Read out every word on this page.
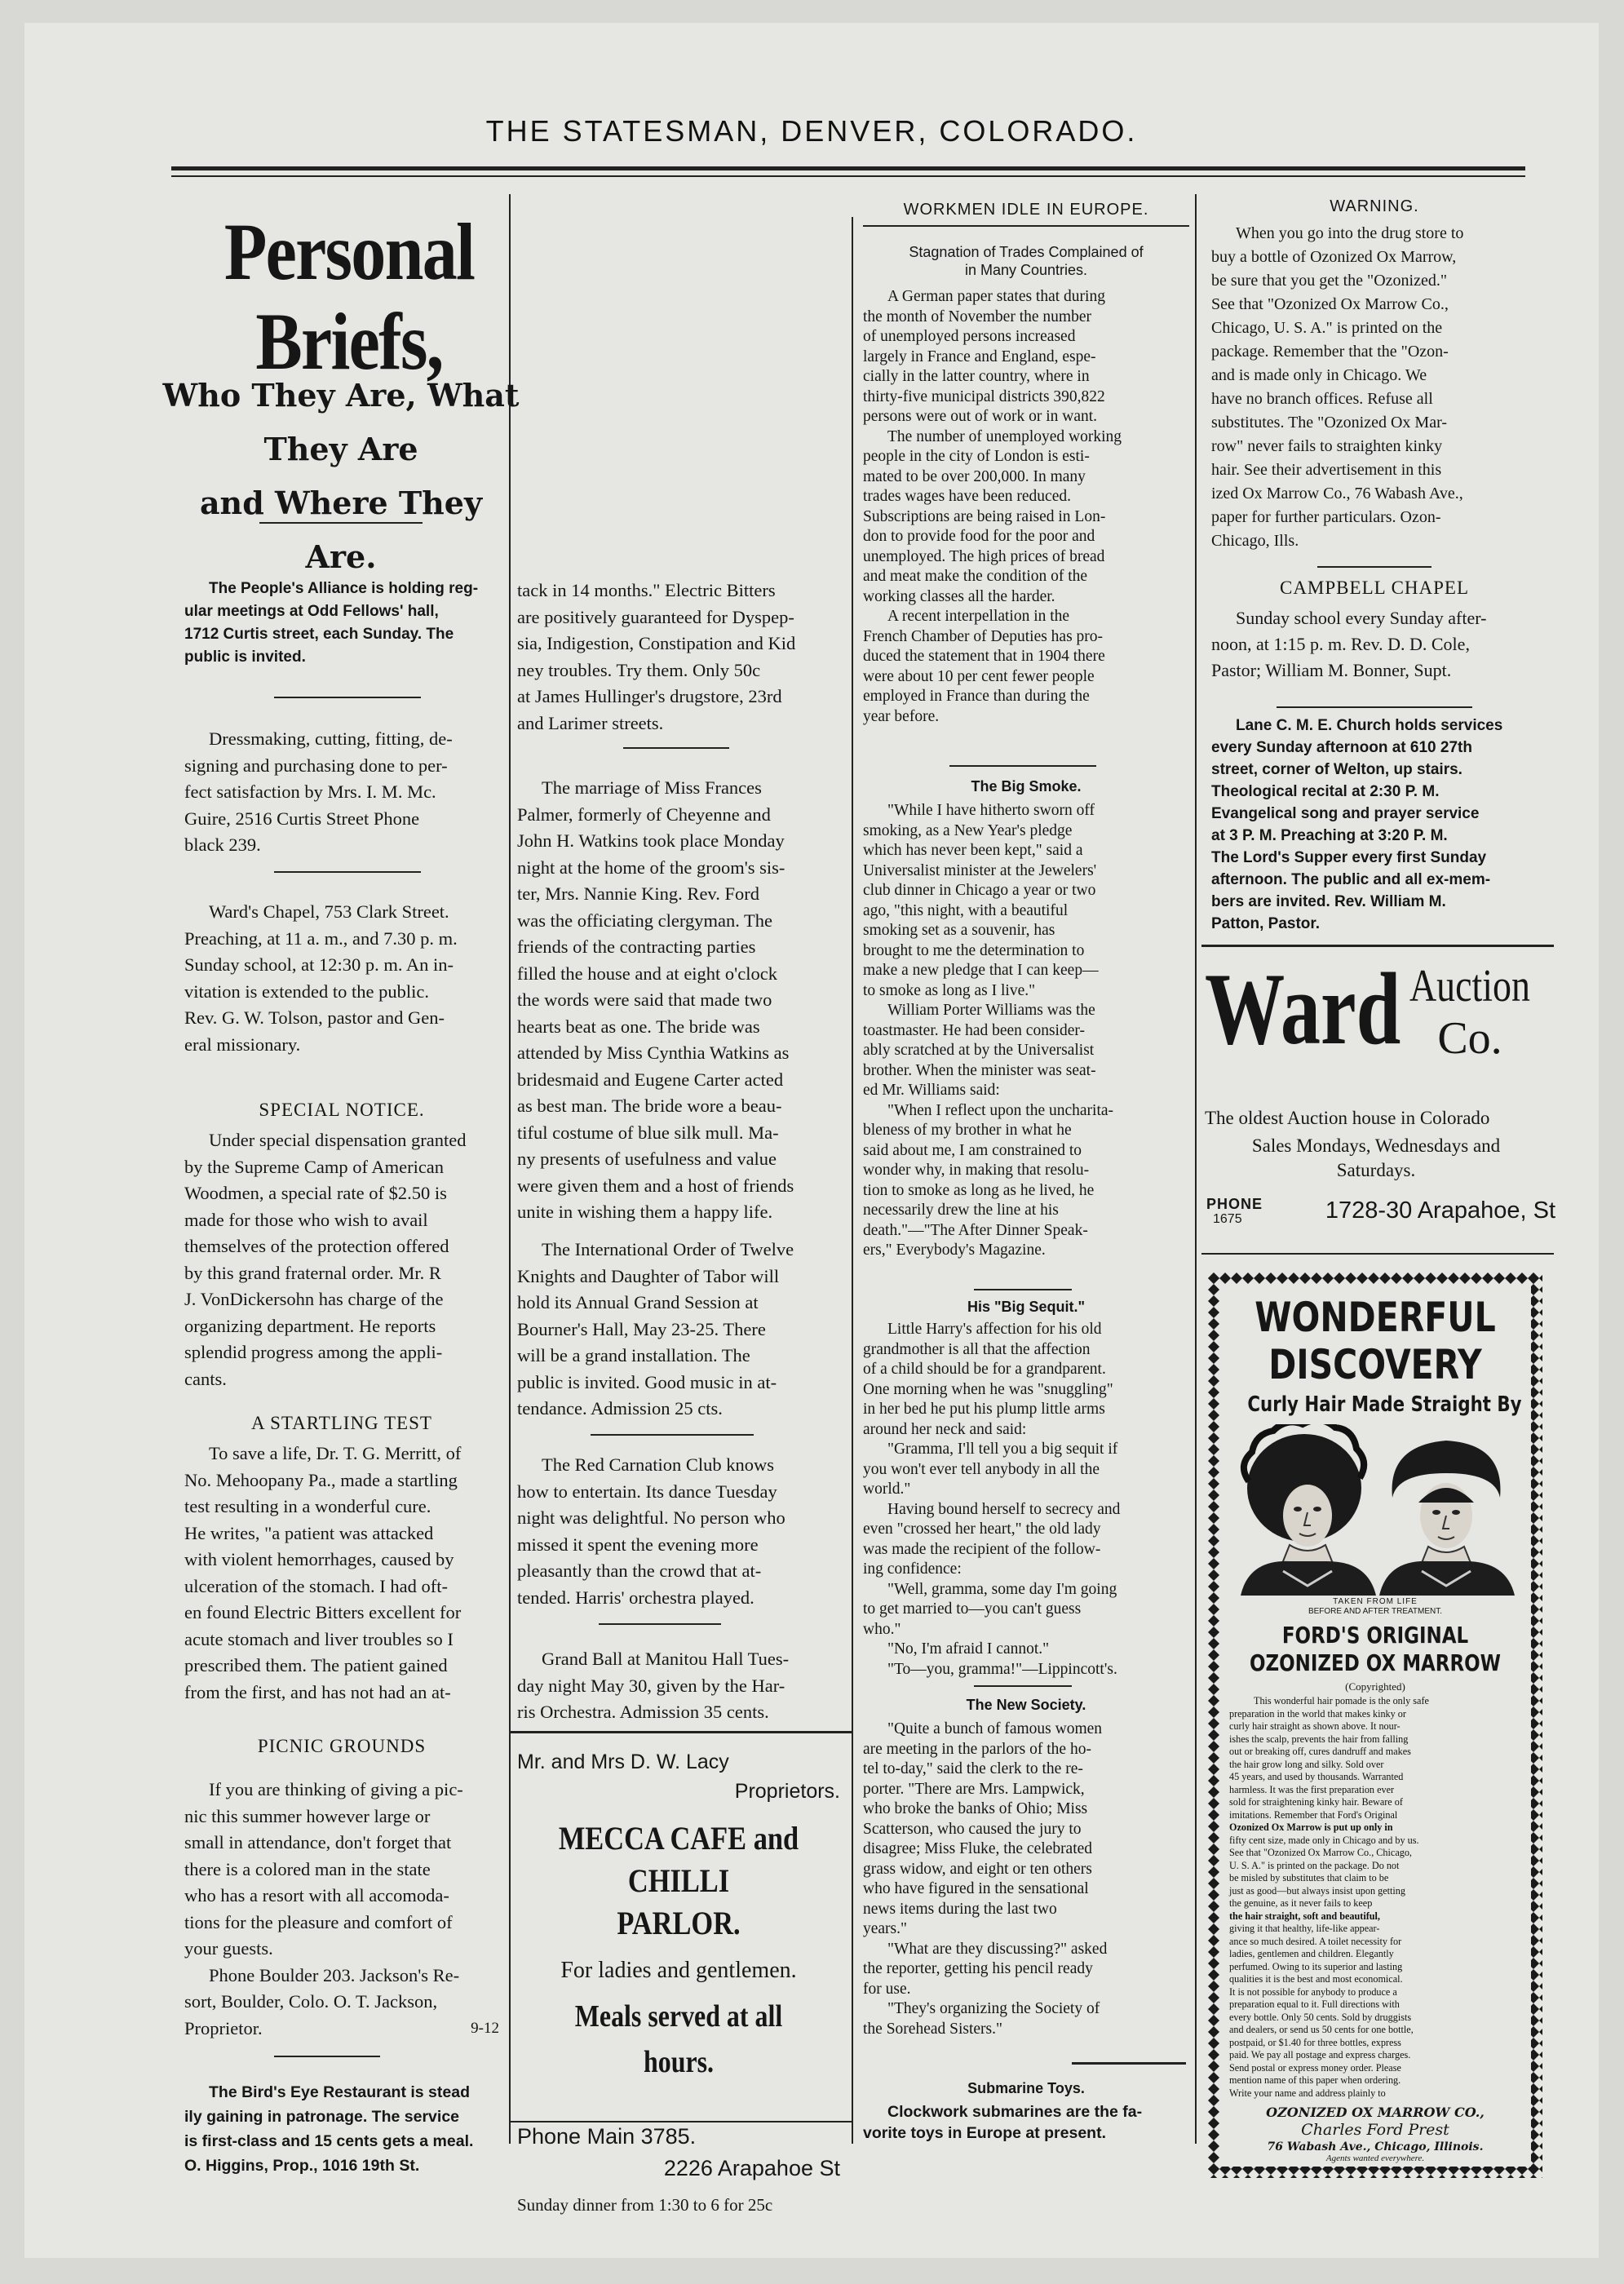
THE STATESMAN, DENVER, COLORADO.
Personal Briefs,
Who They Are, What They Are
and Where They Are.

The People's Alliance is holding reg-

ular meetings at Odd Fellows' hall,

1712 Curtis street, each Sunday. The

public is invited.

Dressmaking, cutting, fitting, de-

signing and purchasing done to per-

fect satisfaction by Mrs. I. M. Mc.

Guire, 2516 Curtis Street Phone

black 239.

Ward's Chapel, 753 Clark Street.

Preaching, at 11 a. m., and 7.30 p. m.

Sunday school, at 12:30 p. m. An in-

vitation is extended to the public.

Rev. G. W. Tolson, pastor and Gen-

eral missionary.

SPECIAL NOTICE.

Under special dispensation granted

by the Supreme Camp of American

Woodmen, a special rate of $2.50 is

made for those who wish to avail

themselves of the protection offered

by this grand fraternal order. Mr. R

J. VonDickersohn has charge of the

organizing department. He reports

splendid progress among the appli-

cants.

A STARTLING TEST

To save a life, Dr. T. G. Merritt, of

No. Mehoopany Pa., made a startling

test resulting in a wonderful cure.

He writes, "a patient was attacked

with violent hemorrhages, caused by

ulceration of the stomach. I had oft-

en found Electric Bitters excellent for

acute stomach and liver troubles so I

prescribed them. The patient gained

from the first, and has not had an at-

PICNIC GROUNDS

If you are thinking of giving a pic-

nic this summer however large or

small in attendance, don't forget that

there is a colored man in the state

who has a resort with all accomoda-

tions for the pleasure and comfort of

your guests.

Phone Boulder 203. Jackson's Re-

sort, Boulder, Colo. O. T. Jackson,

Proprietor.	9-12

The Bird's Eye Restaurant is stead

ily gaining in patronage. The service

is first-class and 15 cents gets a meal.

O. Higgins, Prop., 1016 19th St.

tack in 14 months." Electric Bitters

are positively guaranteed for Dyspep-

sia, Indigestion, Constipation and Kid

ney troubles. Try them. Only 50c

at James Hullinger's drugstore, 23rd

and Larimer streets.

The marriage of Miss Frances

Palmer, formerly of Cheyenne and

John H. Watkins took place Monday

night at the home of the groom's sis-

ter, Mrs. Nannie King. Rev. Ford

was the officiating clergyman. The

friends of the contracting parties

filled the house and at eight o'clock

the words were said that made two

hearts beat as one. The bride was

attended by Miss Cynthia Watkins as

bridesmaid and Eugene Carter acted

as best man. The bride wore a beau-

tiful costume of blue silk mull. Ma-

ny presents of usefulness and value

were given them and a host of friends

unite in wishing them a happy life.

The International Order of Twelve

Knights and Daughter of Tabor will

hold its Annual Grand Session at

Bourner's Hall, May 23-25. There

will be a grand installation. The

public is invited. Good music in at-

tendance. Admission 25 cts.

The Red Carnation Club knows

how to entertain. Its dance Tuesday

night was delightful. No person who

missed it spent the evening more

pleasantly than the crowd that at-

tended. Harris' orchestra played.

Grand Ball at Manitou Hall Tues-

day night May 30, given by the Har-

ris Orchestra. Admission 35 cents.

Mr. and Mrs D. W. Lacy
Proprietors.
MECCA CAFE and CHILLI
PARLOR.
For ladies and gentlemen.
Meals served at all hours.
Phone Main 3785.
2226 Arapahoe St
Sunday dinner from 1:30 to 6 for 25c
WORKMEN IDLE IN EUROPE.
Stagnation of Trades Complained of
in Many Countries.

A German paper states that during

the month of November the number

of unemployed persons increased

largely in France and England, espe-

cially in the latter country, where in

thirty-five municipal districts 390,822

persons were out of work or in want.

The number of unemployed working

people in the city of London is esti-

mated to be over 200,000. In many

trades wages have been reduced.

Subscriptions are being raised in Lon-

don to provide food for the poor and

unemployed. The high prices of bread

and meat make the condition of the

working classes all the harder.

A recent interpellation in the

French Chamber of Deputies has pro-

duced the statement that in 1904 there

were about 10 per cent fewer people

employed in France than during the

year before.

The Big Smoke.

"While I have hitherto sworn off

smoking, as a New Year's pledge

which has never been kept," said a

Universalist minister at the Jewelers'

club dinner in Chicago a year or two

ago, "this night, with a beautiful

smoking set as a souvenir, has

brought to me the determination to

make a new pledge that I can keep—

to smoke as long as I live."

William Porter Williams was the

toastmaster. He had been consider-

ably scratched at by the Universalist

brother. When the minister was seat-

ed Mr. Williams said:

"When I reflect upon the uncharita-

bleness of my brother in what he

said about me, I am constrained to

wonder why, in making that resolu-

tion to smoke as long as he lived, he

necessarily drew the line at his

death."—"The After Dinner Speak-

ers," Everybody's Magazine.

His "Big Sequit."

Little Harry's affection for his old

grandmother is all that the affection

of a child should be for a grandparent.

One morning when he was "snuggling"

in her bed he put his plump little arms

around her neck and said:

"Gramma, I'll tell you a big sequit if

you won't ever tell anybody in all the

world."

Having bound herself to secrecy and

even "crossed her heart," the old lady

was made the recipient of the follow-

ing confidence:

"Well, gramma, some day I'm going

to get married to—you can't guess

who."

"No, I'm afraid I cannot."

"To—you, gramma!"—Lippincott's.

The New Society.

"Quite a bunch of famous women

are meeting in the parlors of the ho-

tel to-day," said the clerk to the re-

porter. "There are Mrs. Lampwick,

who broke the banks of Ohio; Miss

Scatterson, who caused the jury to

disagree; Miss Fluke, the celebrated

grass widow, and eight or ten others

who have figured in the sensational

news items during the last two

years."

"What are they discussing?" asked

the reporter, getting his pencil ready

for use.

"They's organizing the Society of

the Sorehead Sisters."

Submarine Toys.

Clockwork submarines are the fa-

vorite toys in Europe at present.

WARNING.

When you go into the drug store to

buy a bottle of Ozonized Ox Marrow,

be sure that you get the "Ozonized."

See that "Ozonized Ox Marrow Co.,

Chicago, U. S. A." is printed on the

package. Remember that the "Ozon-

and is made only in Chicago. We

have no branch offices. Refuse all

substitutes. The "Ozonized Ox Mar-

row" never fails to straighten kinky

hair. See their advertisement in this

ized Ox Marrow Co., 76 Wabash Ave.,

paper for further particulars. Ozon-

Chicago, Ills.

CAMPBELL CHAPEL

Sunday school every Sunday after-

noon, at 1:15 p. m. Rev. D. D. Cole,

Pastor; William M. Bonner, Supt.

Lane C. M. E. Church holds services

every Sunday afternoon at 610 27th

street, corner of Welton, up stairs.

Theological recital at 2:30 P. M.

Evangelical song and prayer service

at 3 P. M. Preaching at 3:20 P. M.

The Lord's Supper every first Sunday

afternoon. The public and all ex-mem-

bers are invited. Rev. William M.

Patton, Pastor.

Ward Auction
Co.
The oldest Auction house in Colorado
Sales Mondays, Wednesdays and
Saturdays.
PHONE
1675	1728-30 Arapahoe, St
WONDERFUL
DISCOVERY
Curly Hair Made Straight By
TAKEN FROM LIFE
BEFORE AND AFTER TREATMENT.
FORD'S ORIGINAL
OZONIZED OX MARROW
(Copyrighted)

This wonderful hair pomade is the only safe

preparation in the world that makes kinky or

curly hair straight as shown above. It nour-

ishes the scalp, prevents the hair from falling

out or breaking off, cures dandruff and makes

the hair grow long and silky. Sold over

45 years, and used by thousands. Warranted

harmless. It was the first preparation ever

sold for straightening kinky hair. Beware of

imitations. Remember that Ford's Original

Ozonized Ox Marrow is put up only in

fifty cent size, made only in Chicago and by us.

See that "Ozonized Ox Marrow Co., Chicago,

U. S. A." is printed on the package. Do not

be misled by substitutes that claim to be

just as good—but always insist upon getting

the genuine, as it never fails to keep

the hair straight, soft and beautiful,

giving it that healthy, life-like appear-

ance so much desired. A toilet necessity for

ladies, gentlemen and children. Elegantly

perfumed. Owing to its superior and lasting

qualities it is the best and most economical.

It is not possible for anybody to produce a

preparation equal to it. Full directions with

every bottle. Only 50 cents. Sold by druggists

and dealers, or send us 50 cents for one bottle,

postpaid, or $1.40 for three bottles, express

paid. We pay all postage and express charges.

Send postal or express money order. Please

mention name of this paper when ordering.

Write your name and address plainly to

OZONIZED OX MARROW CO.,
Charles Ford Prest
76 Wabash Ave., Chicago, Illinois.
Agents wanted everywhere.
